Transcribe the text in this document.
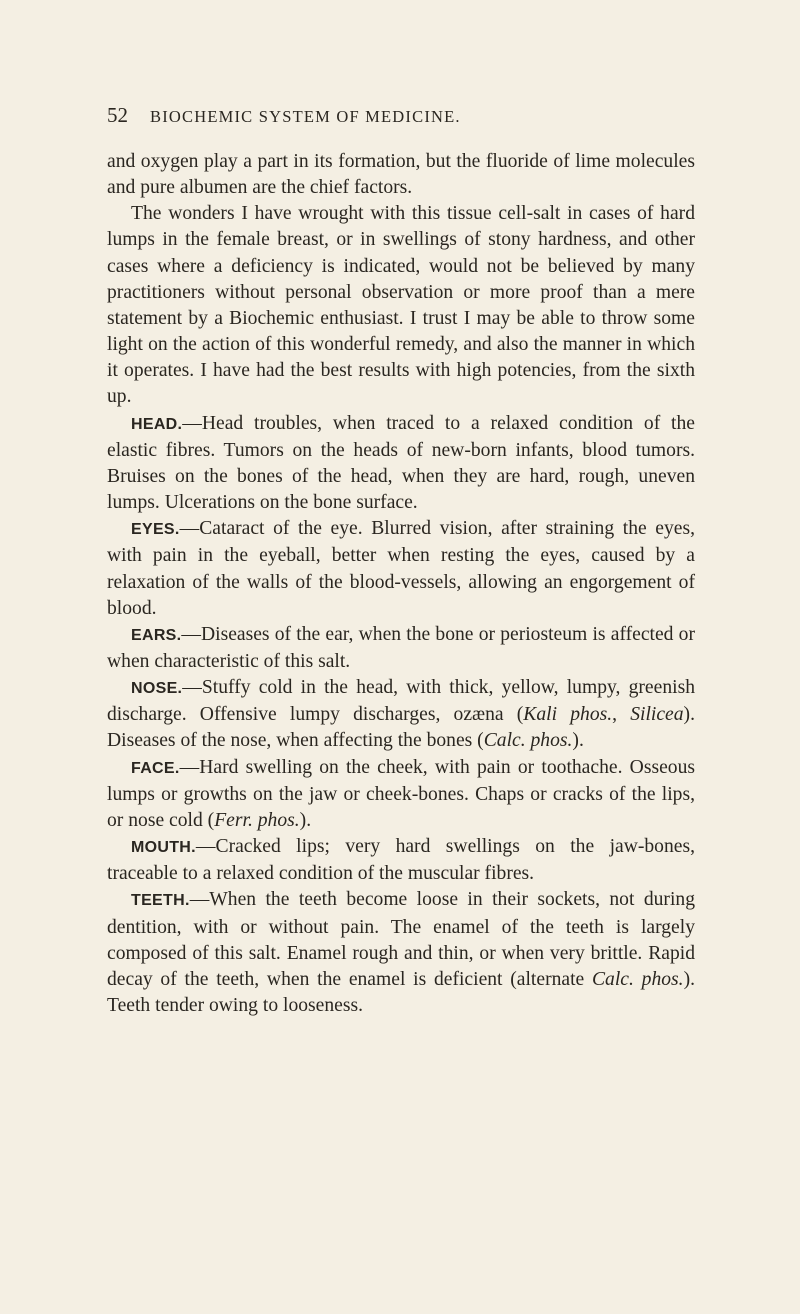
52 BIOCHEMIC SYSTEM OF MEDICINE.

and oxygen play a part in its formation, but the fluoride of lime molecules and pure albumen are the chief factors.

The wonders I have wrought with this tissue cell-salt in cases of hard lumps in the female breast, or in swellings of stony hardness, and other cases where a deficiency is indicated, would not be believed by many practitioners without personal observation or more proof than a mere statement by a Biochemic enthusiast. I trust I may be able to throw some light on the action of this wonderful remedy, and also the manner in which it operates. I have had the best results with high potencies, from the sixth up.

HEAD.—Head troubles, when traced to a relaxed condition of the elastic fibres. Tumors on the heads of new-born infants, blood tumors. Bruises on the bones of the head, when they are hard, rough, uneven lumps. Ulcerations on the bone surface.

EYES.—Cataract of the eye. Blurred vision, after straining the eyes, with pain in the eyeball, better when resting the eyes, caused by a relaxation of the walls of the blood-vessels, allowing an engorgement of blood.

EARS.—Diseases of the ear, when the bone or periosteum is affected or when characteristic of this salt.

NOSE.—Stuffy cold in the head, with thick, yellow, lumpy, greenish discharge. Offensive lumpy discharges, ozæna (Kali phos., Silicea). Diseases of the nose, when affecting the bones (Calc. phos.).

FACE.—Hard swelling on the cheek, with pain or toothache. Osseous lumps or growths on the jaw or cheek-bones. Chaps or cracks of the lips, or nose cold (Ferr. phos.).

MOUTH.—Cracked lips; very hard swellings on the jaw-bones, traceable to a relaxed condition of the muscular fibres.

TEETH.—When the teeth become loose in their sockets, not during dentition, with or without pain. The enamel of the teeth is largely composed of this salt. Enamel rough and thin, or when very brittle. Rapid decay of the teeth, when the enamel is deficient (alternate Calc. phos.). Teeth tender owing to looseness.
